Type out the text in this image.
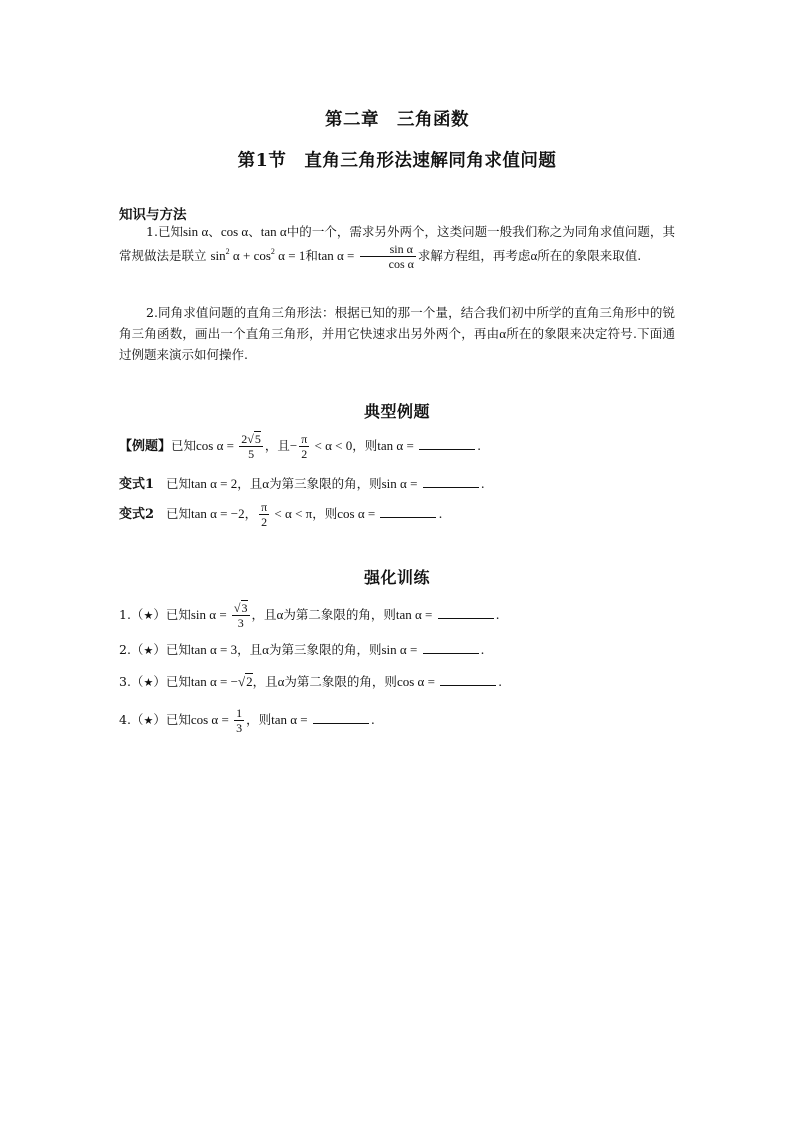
第二章　三角函数
第1节　直角三角形法速解同角求值问题
知识与方法
1.已知sin α、cos α、tan α中的一个，需求另外两个，这类问题一般我们称之为同角求值问题，其常规做法是联立 $\sin^2 \alpha + \cos^2 \alpha = 1$和$\tan \alpha = \frac{\text{sin α}}{\text{cos α}}$ 求解方程组，再考虑α所在的象限来取值.
2.同角求值问题的直角三角形法：根据已知的那一个量，结合我们初中所学的直角三角形中的锐角三角函数，画出一个直角三角形，并用它快速求出另外两个，再由α所在的象限来决定符号.下面通过例题来演示如何操作.
典型例题
【例题】已知$\cos \alpha = \frac{2√5}{5}$ ，且− $\frac{\pi}{2} < \alpha < 0$，则tan α =	.
变式1 已知tan α = 2，且α为第三象限的角，则sin α =	.
变式2 已知tan α = −2， $\frac{\pi}{2} < \alpha < \pi$，则cos α =	.
强化训练
1.（★）已知$\sin \alpha = \frac{√3}{3}$ ，且α为第二象限的角，则tan α =	.
2.（★）已知tan α = 3，且α为第三象限的角，则sin α =	.
3.（★）已知tan α = −√2，且α为第二象限的角，则cos α =	.
4.（★）已知$\cos \alpha = \frac{1}{3}$ ，则tan α =	.
